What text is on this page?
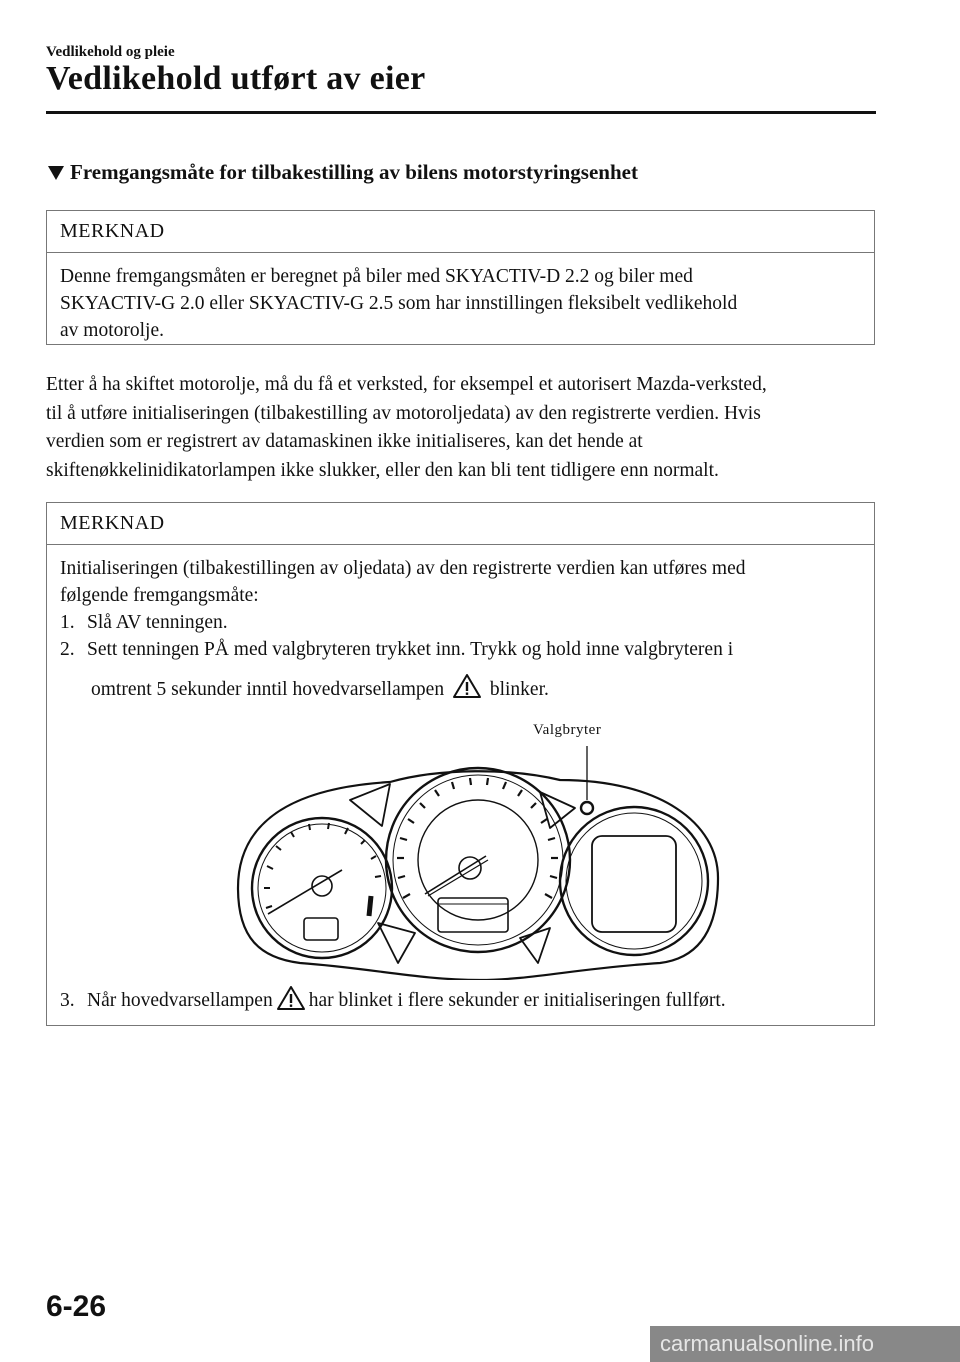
Vedlikehold og pleie
Vedlikehold utført av eier
Fremgangsmåte for tilbakestilling av bilens motorstyringsenhet
MERKNAD
Denne fremgangsmåten er beregnet på biler med SKYACTIV-D 2.2 og biler med
SKYACTIV-G 2.0 eller SKYACTIV-G 2.5 som har innstillingen fleksibelt vedlikehold
av motorolje.
Etter å ha skiftet motorolje, må du få et verksted, for eksempel et autorisert Mazda-verksted,
til å utføre initialiseringen (tilbakestilling av motoroljedata) av den registrerte verdien. Hvis
verdien som er registrert av datamaskinen ikke initialiseres, kan det hende at
skiftenøkkelinidikatorlampen ikke slukker, eller den kan bli tent tidligere enn normalt.
MERKNAD
Initialiseringen (tilbakestillingen av oljedata) av den registrerte verdien kan utføres med
følgende fremgangsmåte:
1. Slå AV tenningen.
2. Sett tenningen PÅ med valgbryteren trykket inn. Trykk og hold inne valgbryteren i
omtrent 5 sekunder inntil hovedvarsellampen blinker.
3. Når hovedvarsellampen har blinket i flere sekunder er initialiseringen fullført.
Valgbryter
6-26
carmanualsonline.info
